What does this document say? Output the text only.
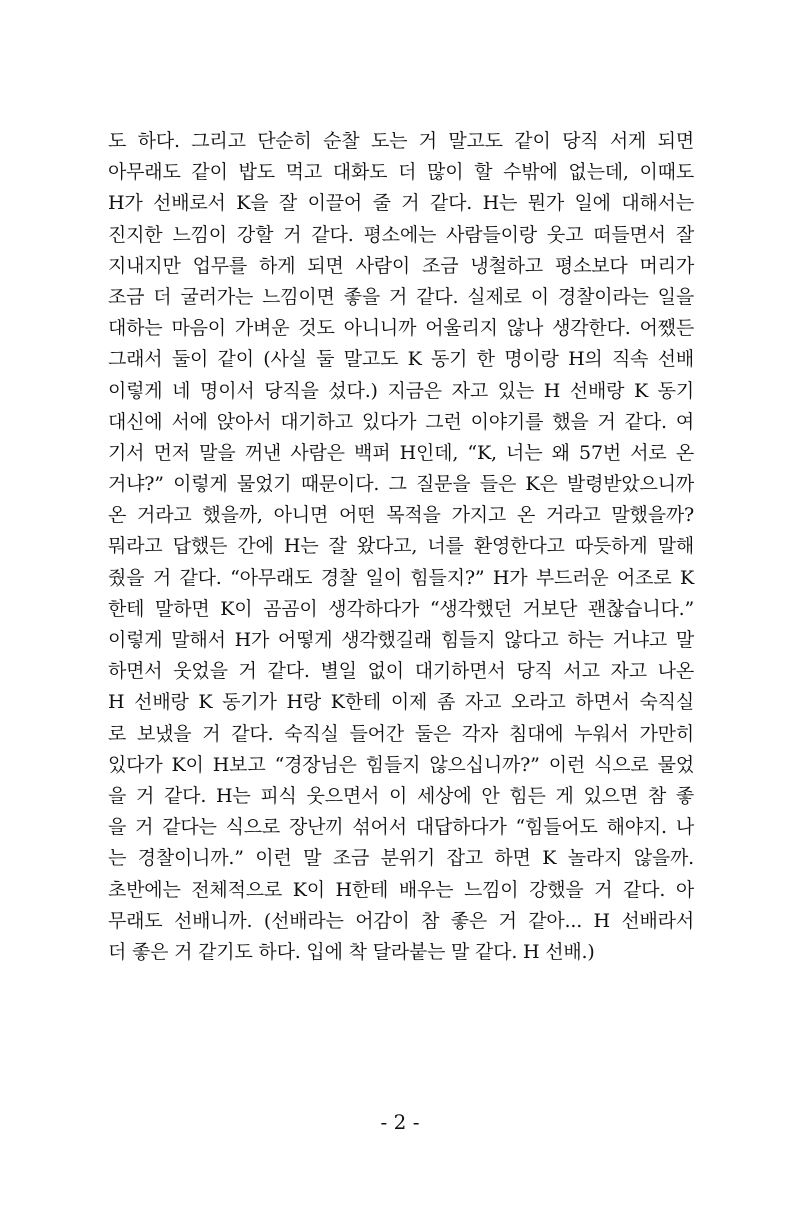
도 하다. 그리고 단순히 순찰 도는 거 말고도 같이 당직 서게 되면
아무래도 같이 밥도 먹고 대화도 더 많이 할 수밖에 없는데, 이때도
H가 선배로서 K을 잘 이끌어 줄 거 같다. H는 뭔가 일에 대해서는
진지한 느낌이 강할 거 같다. 평소에는 사람들이랑 웃고 떠들면서 잘
지내지만 업무를 하게 되면 사람이 조금 냉철하고 평소보다 머리가
조금 더 굴러가는 느낌이면 좋을 거 같다. 실제로 이 경찰이라는 일을
대하는 마음이 가벼운 것도 아니니까 어울리지 않나 생각한다. 어쨌든
그래서 둘이 같이 (사실 둘 말고도 K 동기 한 명이랑 H의 직속 선배
이렇게 네 명이서 당직을 섰다.) 지금은 자고 있는 H 선배랑 K 동기
대신에 서에 앉아서 대기하고 있다가 그런 이야기를 했을 거 같다. 여
기서 먼저 말을 꺼낸 사람은 백퍼 H인데, “K, 너는 왜 57번 서로 온
거냐?” 이렇게 물었기 때문이다. 그 질문을 들은 K은 발령받았으니까
온 거라고 했을까, 아니면 어떤 목적을 가지고 온 거라고 말했을까?
뭐라고 답했든 간에 H는 잘 왔다고, 너를 환영한다고 따듯하게 말해
줬을 거 같다. “아무래도 경찰 일이 힘들지?” H가 부드러운 어조로 K
한테 말하면 K이 곰곰이 생각하다가 “생각했던 거보단 괜찮습니다.”
이렇게 말해서 H가 어떻게 생각했길래 힘들지 않다고 하는 거냐고 말
하면서 웃었을 거 같다. 별일 없이 대기하면서 당직 서고 자고 나온
H 선배랑 K 동기가 H랑 K한테 이제 좀 자고 오라고 하면서 숙직실
로 보냈을 거 같다. 숙직실 들어간 둘은 각자 침대에 누워서 가만히
있다가 K이 H보고 “경장님은 힘들지 않으십니까?” 이런 식으로 물었
을 거 같다. H는 피식 웃으면서 이 세상에 안 힘든 게 있으면 참 좋
을 거 같다는 식으로 장난끼 섞어서 대답하다가 “힘들어도 해야지. 나
는 경찰이니까.” 이런 말 조금 분위기 잡고 하면 K 놀라지 않을까.
초반에는 전체적으로 K이 H한테 배우는 느낌이 강했을 거 같다. 아
무래도 선배니까. (선배라는 어감이 참 좋은 거 같아... H 선배라서
더 좋은 거 같기도 하다. 입에 착 달라붙는 말 같다. H 선배.)
- 2 -
